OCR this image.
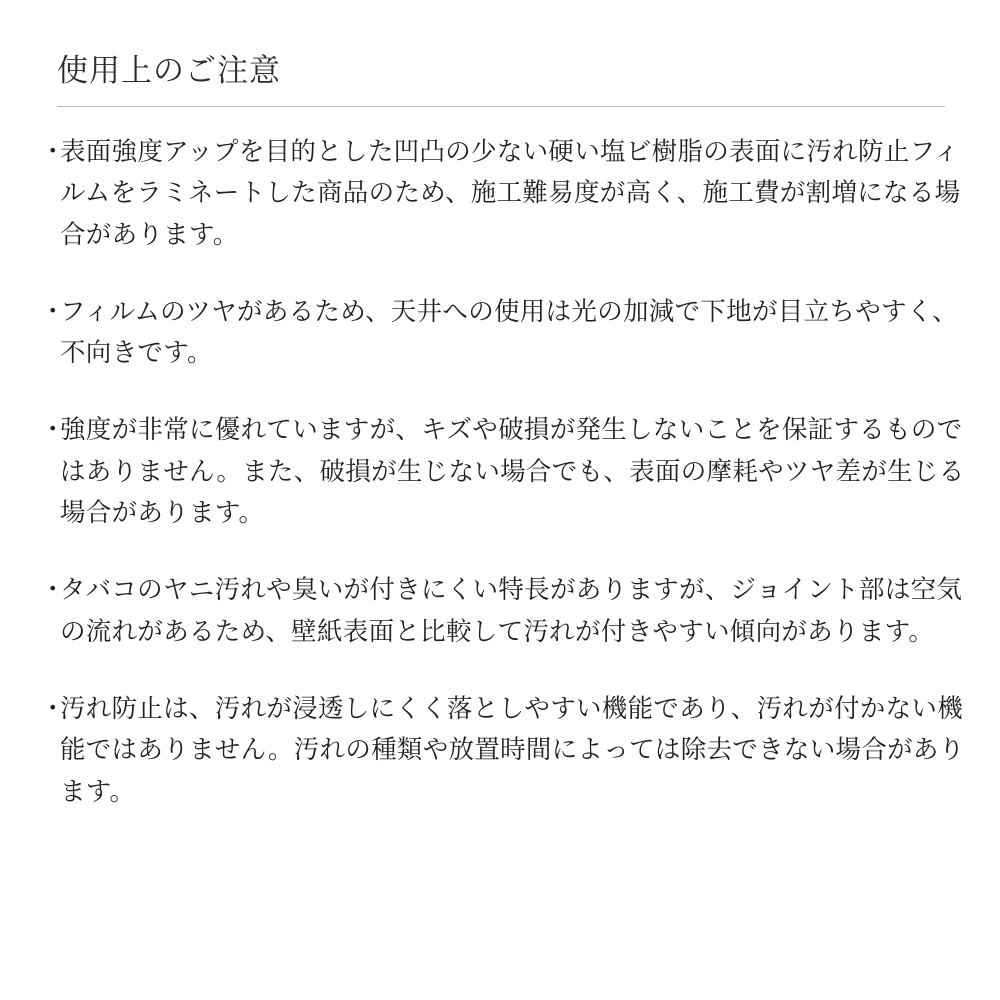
使用上のご注意
・
表面強度アップを目的とした凹凸の少ない硬い塩ビ樹脂の表面に汚れ防止フィルムをラミネートした商品のため、施工難易度が高く、施工費が割増になる場合があります。
・
フィルムのツヤがあるため、天井への使用は光の加減で下地が目立ちやすく、不向きです。
・
強度が非常に優れていますが、キズや破損が発生しないことを保証するものではありません。また、破損が生じない場合でも、表面の摩耗やツヤ差が生じる場合があります。
・
タバコのヤニ汚れや臭いが付きにくい特長がありますが、ジョイント部は空気の流れがあるため、壁紙表面と比較して汚れが付きやすい傾向があります。
・
汚れ防止は、汚れが浸透しにくく落としやすい機能であり、汚れが付かない機能ではありません。汚れの種類や放置時間によっては除去できない場合があります。
